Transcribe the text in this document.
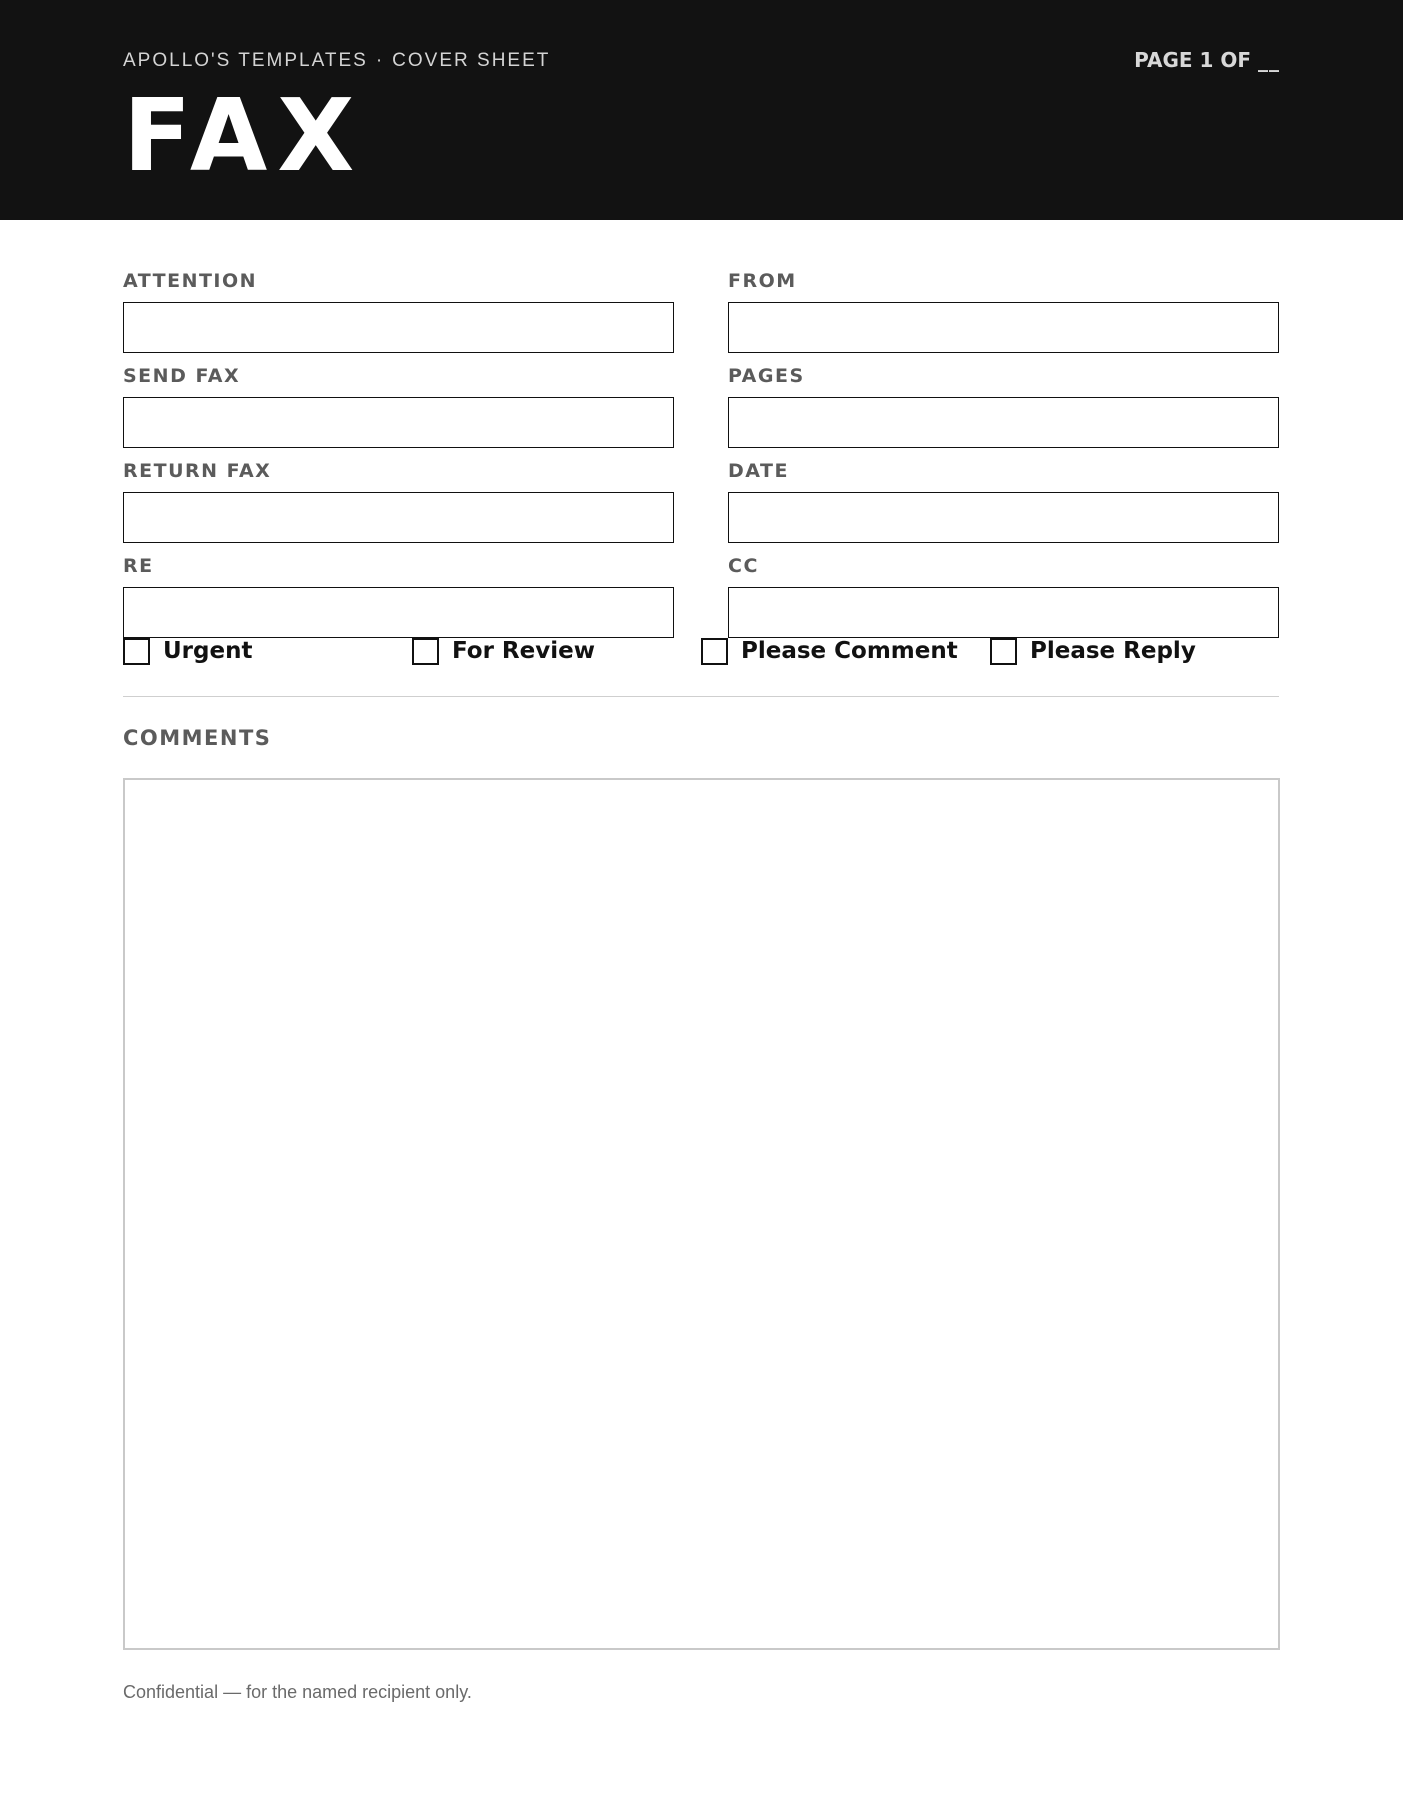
APOLLO'S TEMPLATES · COVER SHEET	PAGE 1 OF __
FAX
ATTENTION	FROM
SEND FAX	PAGES
RETURN FAX	DATE
RE	CC
Urgent	For Review	Please Comment	Please Reply
COMMENTS
Confidential — for the named recipient only.
